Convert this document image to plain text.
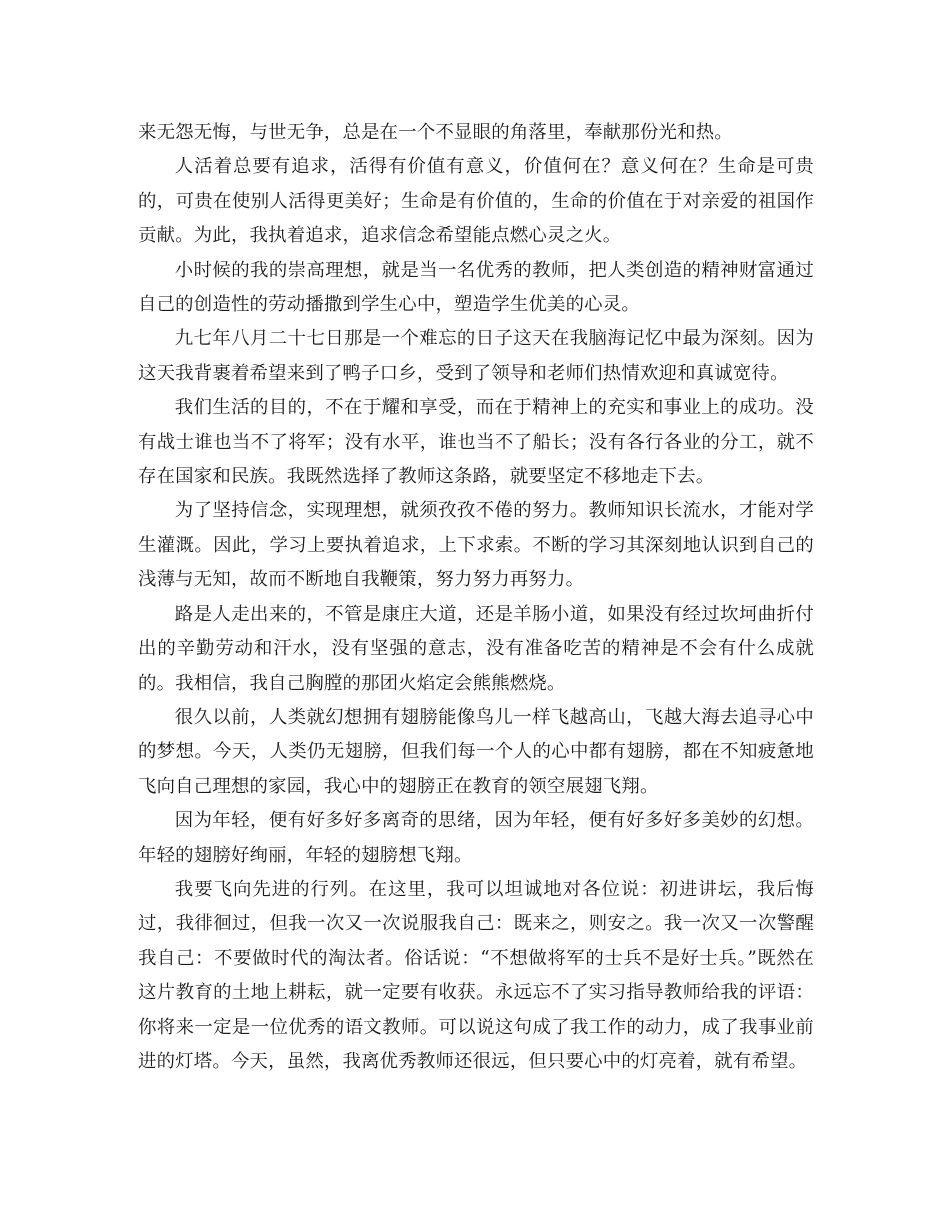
来无怨无悔，与世无争，总是在一个不显眼的角落里，奉献那份光和热。

人活着总要有追求，活得有价值有意义，价值何在？意义何在？生命是可贵的，可贵在使别人活得更美好；生命是有价值的，生命的价值在于对亲爱的祖国作贡献。为此，我执着追求，追求信念希望能点燃心灵之火。

小时候的我的崇高理想，就是当一名优秀的教师，把人类创造的精神财富通过自己的创造性的劳动播撒到学生心中，塑造学生优美的心灵。

九七年八月二十七日那是一个难忘的日子这天在我脑海记忆中最为深刻。因为这天我背裹着希望来到了鸭子口乡，受到了领导和老师们热情欢迎和真诚宽待。

我们生活的目的，不在于耀和享受，而在于精神上的充实和事业上的成功。没有战士谁也当不了将军；没有水平，谁也当不了船长；没有各行各业的分工，就不存在国家和民族。我既然选择了教师这条路，就要坚定不移地走下去。

为了坚持信念，实现理想，就须孜孜不倦的努力。教师知识长流水，才能对学生灌溉。因此，学习上要执着追求，上下求索。不断的学习其深刻地认识到自己的浅薄与无知，故而不断地自我鞭策，努力努力再努力。

路是人走出来的，不管是康庄大道，还是羊肠小道，如果没有经过坎坷曲折付出的辛勤劳动和汗水，没有坚强的意志，没有准备吃苦的精神是不会有什么成就的。我相信，我自己胸膛的那团火焰定会熊熊燃烧。

很久以前，人类就幻想拥有翅膀能像鸟儿一样飞越高山，飞越大海去追寻心中的梦想。今天，人类仍无翅膀，但我们每一个人的心中都有翅膀，都在不知疲惫地飞向自己理想的家园，我心中的翅膀正在教育的领空展翅飞翔。

因为年轻，便有好多好多离奇的思绪，因为年轻，便有好多好多美妙的幻想。年轻的翅膀好绚丽，年轻的翅膀想飞翔。

我要飞向先进的行列。在这里，我可以坦诚地对各位说：初进讲坛，我后悔过，我徘徊过，但我一次又一次说服我自己：既来之，则安之。我一次又一次警醒我自己：不要做时代的淘汰者。俗话说：“不想做将军的士兵不是好士兵。”既然在这片教育的土地上耕耘，就一定要有收获。永远忘不了实习指导教师给我的评语：你将来一定是一位优秀的语文教师。可以说这句成了我工作的动力，成了我事业前进的灯塔。今天，虽然，我离优秀教师还很远，但只要心中的灯亮着，就有希望。
